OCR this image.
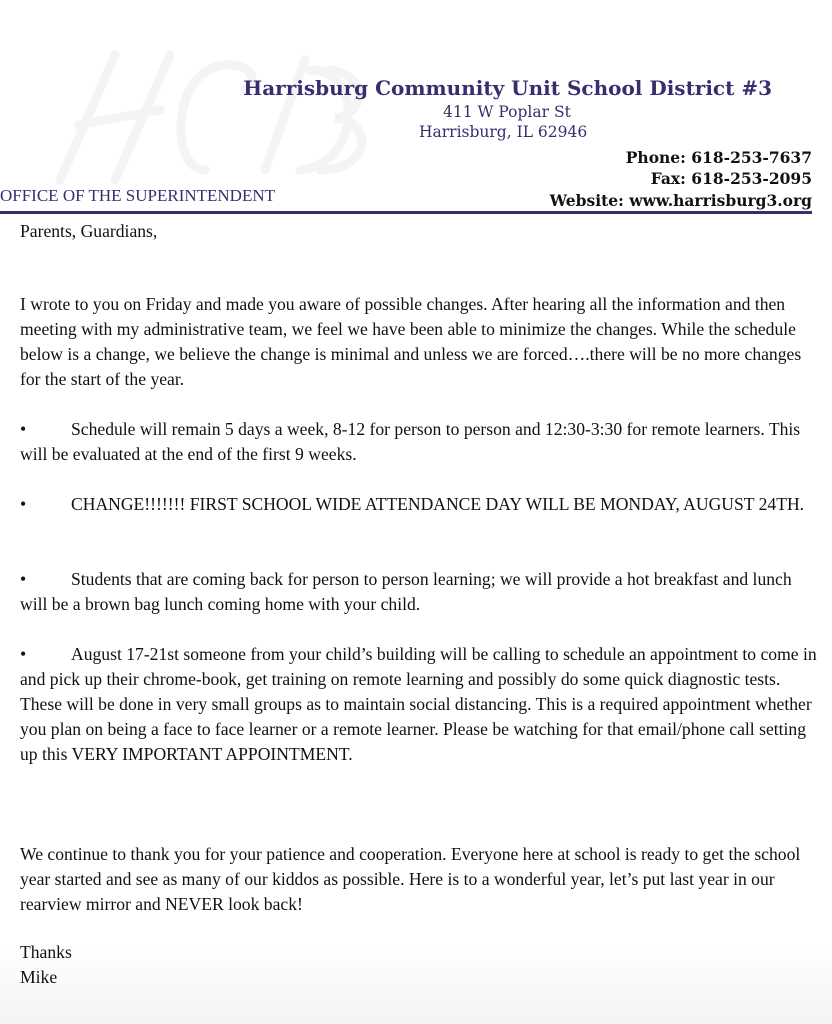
Harrisburg Community Unit School District #3
411 W Poplar St
Harrisburg, IL 62946
Phone: 618-253-7637
Fax: 618-253-2095
Website: www.harrisburg3.org
OFFICE OF THE SUPERINTENDENT

Parents, Guardians,

I wrote to you on Friday and made you aware of possible changes. After hearing all the information and then meeting with my administrative team, we feel we have been able to minimize the changes. While the schedule below is a change, we believe the change is minimal and unless we are forced….there will be no more changes for the start of the year.

•	Schedule will remain 5 days a week, 8-12 for person to person and 12:30-3:30 for remote learners. This will be evaluated at the end of the first 9 weeks.

•	CHANGE!!!!!!! FIRST SCHOOL WIDE ATTENDANCE DAY WILL BE MONDAY, AUGUST 24TH.

•	Students that are coming back for person to person learning; we will provide a hot breakfast and lunch will be a brown bag lunch coming home with your child.

•	August 17-21st someone from your child’s building will be calling to schedule an appointment to come in and pick up their chrome-book, get training on remote learning and possibly do some quick diagnostic tests. These will be done in very small groups as to maintain social distancing. This is a required appointment whether you plan on being a face to face learner or a remote learner. Please be watching for that email/phone call setting up this VERY IMPORTANT APPOINTMENT.

We continue to thank you for your patience and cooperation. Everyone here at school is ready to get the school year started and see as many of our kiddos as possible. Here is to a wonderful year, let’s put last year in our rearview mirror and NEVER look back!

Thanks

Mike
